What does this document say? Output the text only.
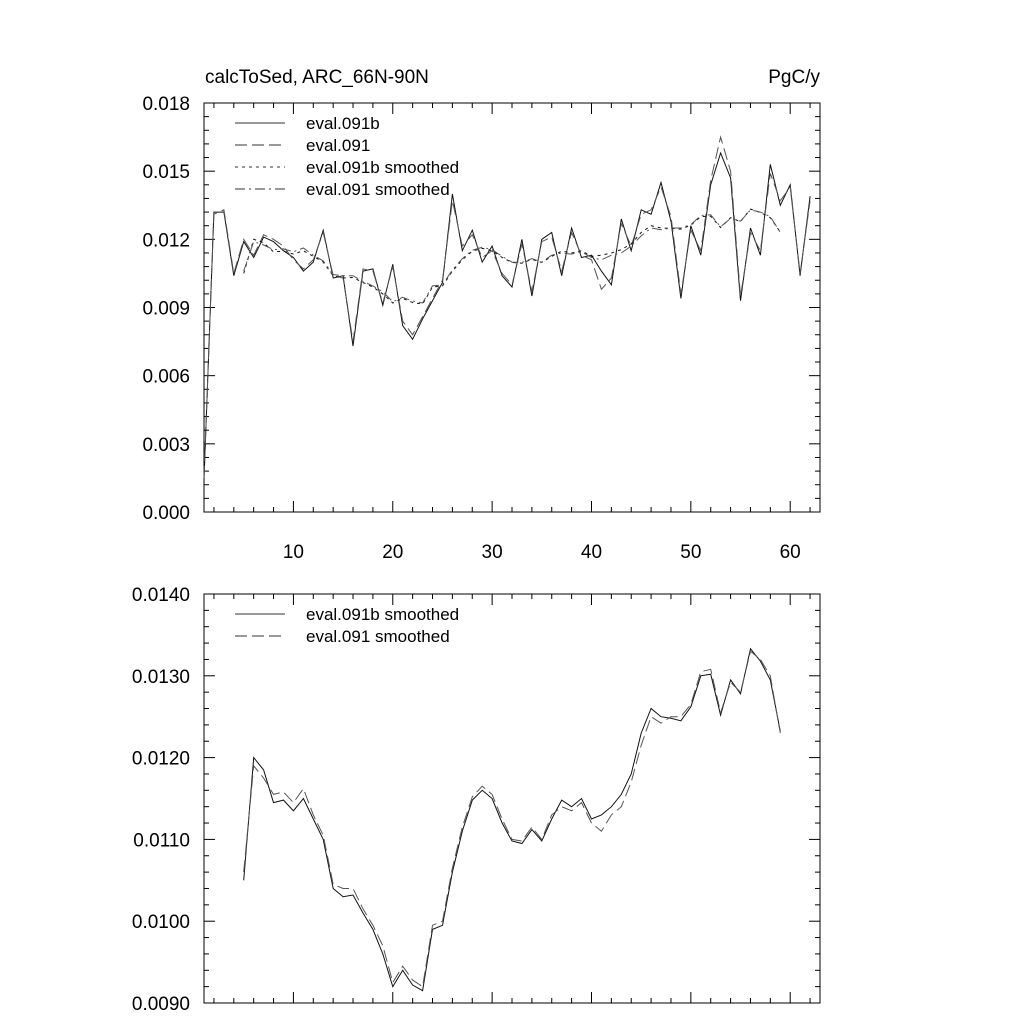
calcToSed, ARC_66N-90N	PgC/y
0.000
0.003
0.006
0.009
0.012
0.015
0.018
10	20	30	40	50	60
eval.091b
eval.091
eval.091b smoothed
eval.091 smoothed
0.0090
0.0100
0.0110
0.0120
0.0130
0.0140
eval.091b smoothed
eval.091 smoothed
